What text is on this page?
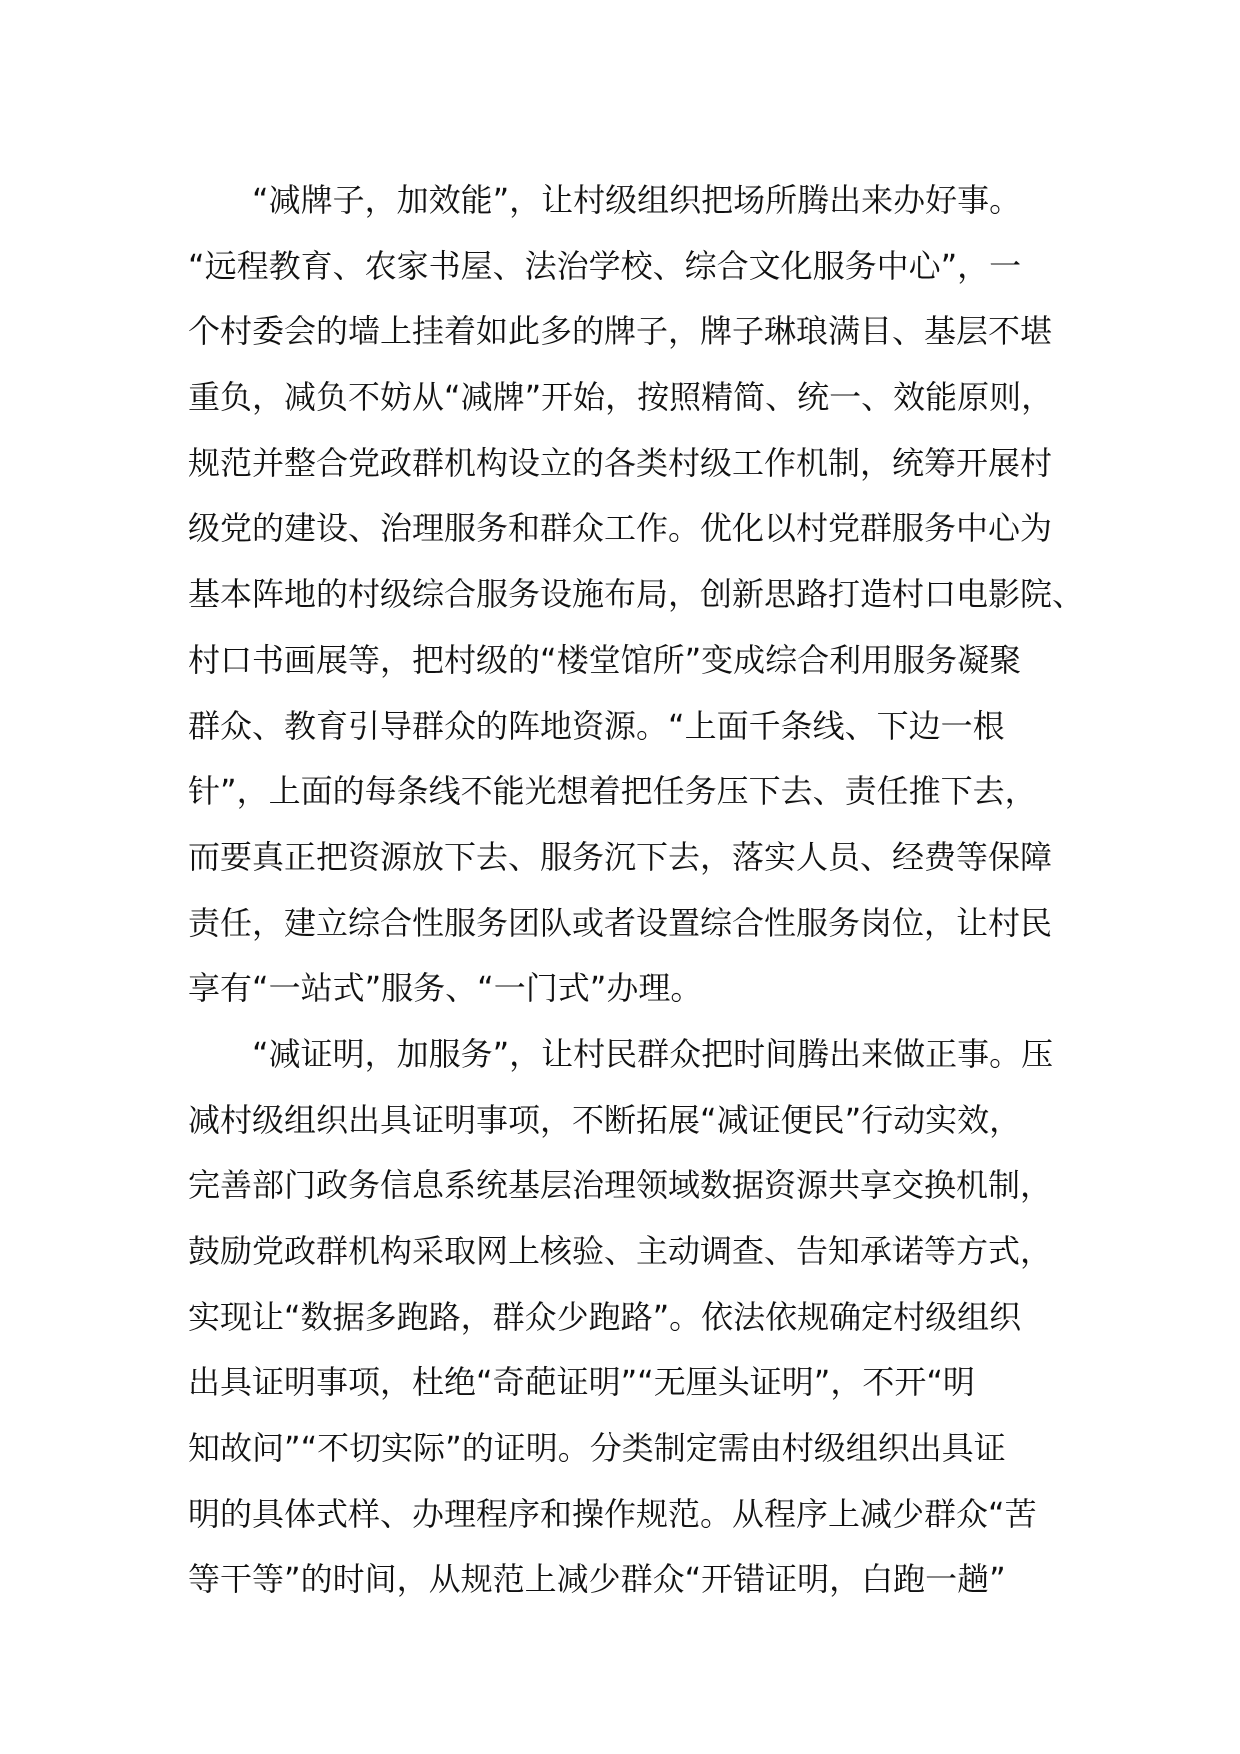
“减牌子，加效能”，让村级组织把场所腾出来办好事。
“远程教育、农家书屋、法治学校、综合文化服务中心”，一
个村委会的墙上挂着如此多的牌子，牌子琳琅满目、基层不堪
重负，减负不妨从“减牌”开始，按照精简、统一、效能原则，
规范并整合党政群机构设立的各类村级工作机制，统筹开展村
级党的建设、治理服务和群众工作。优化以村党群服务中心为
基本阵地的村级综合服务设施布局，创新思路打造村口电影院、
村口书画展等，把村级的“楼堂馆所”变成综合利用服务凝聚
群众、教育引导群众的阵地资源。“上面千条线、下边一根
针”，上面的每条线不能光想着把任务压下去、责任推下去，
而要真正把资源放下去、服务沉下去，落实人员、经费等保障
责任，建立综合性服务团队或者设置综合性服务岗位，让村民
享有“一站式”服务、“一门式”办理。
“减证明，加服务”，让村民群众把时间腾出来做正事。压
减村级组织出具证明事项，不断拓展“减证便民”行动实效，
完善部门政务信息系统基层治理领域数据资源共享交换机制，
鼓励党政群机构采取网上核验、主动调查、告知承诺等方式，
实现让“数据多跑路，群众少跑路”。依法依规确定村级组织
出具证明事项，杜绝“奇葩证明”“无厘头证明”，不开“明
知故问”“不切实际”的证明。分类制定需由村级组织出具证
明的具体式样、办理程序和操作规范。从程序上减少群众“苦
等干等”的时间，从规范上减少群众“开错证明，白跑一趟”
